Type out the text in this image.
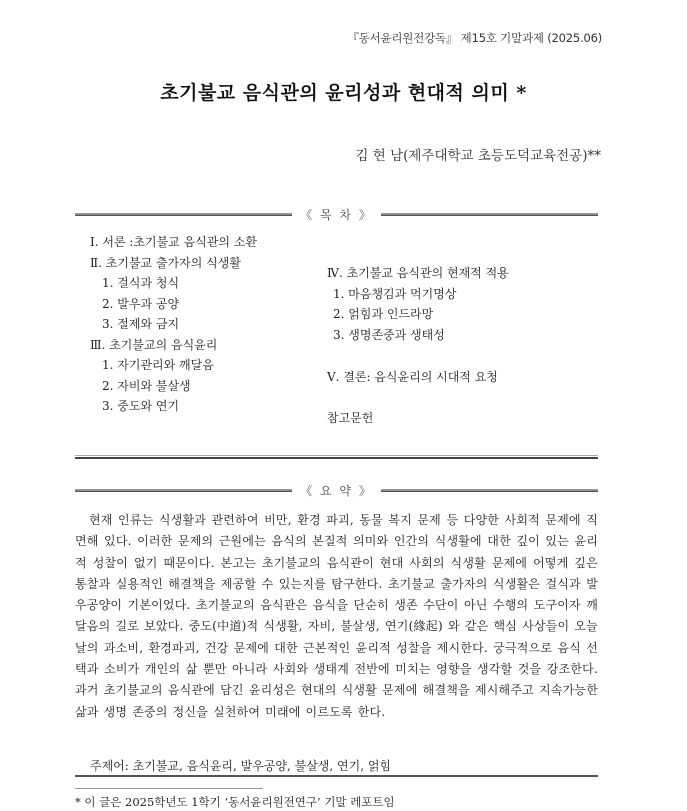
『동서윤리원전강독』 제15호 기말과제 (2025.06)
초기불교 음식관의 윤리성과 현대적 의미 *
김 현 남(제주대학교 초등도덕교육전공)**
《 목 차 》
Ⅰ. 서론 :초기불교 음식관의 소환
Ⅱ. 초기불교 출가자의 식생활
1. 걸식과 청식
2. 발우과 공양
3. 절제와 금지
Ⅲ. 초기불교의 음식윤리
1. 자기관리와 깨달음
2. 자비와 불살생
3. 중도와 연기
Ⅳ. 초기불교 음식관의 현재적 적용
1. 마음챙김과 먹기명상
2. 얽힘과 인드라망
3. 생명존중과 생태성
Ⅴ. 결론: 음식윤리의 시대적 요청
참고문헌
《 요 약 》
현재 인류는 식생활과 관련하여 비만, 환경 파괴, 동물 복지 문제 등 다양한 사회적 문제에 직면해 있다. 이러한 문제의 근원에는 음식의 본질적 의미와 인간의 식생활에 대한 깊이 있는 윤리적 성찰이 없기 때문이다. 본고는 초기불교의 음식관이 현대 사회의 식생활 문제에 어떻게 깊은 통찰과 실용적인 해결책을 제공할 수 있는지를 탐구한다. 초기불교 출가자의 식생활은 걸식과 발우공양이 기본이었다. 초기불교의 음식관은 음식을 단순히 생존 수단이 아닌 수행의 도구이자 깨달음의 길로 보았다. 중도(中道)적 식생활, 자비, 불살생, 연기(緣起) 와 같은 핵심 사상들이 오늘날의 과소비, 환경파괴, 건강 문제에 대한 근본적인 윤리적 성찰을 제시한다. 궁극적으로 음식 선택과 소비가 개인의 삶 뿐만 아니라 사회와 생태계 전반에 미치는 영향을 생각할 것을 강조한다. 과거 초기불교의 음식관에 담긴 윤리성은 현대의 식생활 문제에 해결책을 제시해주고 지속가능한 삶과 생명 존중의 정신을 실천하여 미래에 이르도록 한다.
주제어: 초기불교, 음식윤리, 발우공양, 불살생, 연기, 얽힘
* 이 글은 2025학년도 1학기 ‘동서윤리원전연구’ 기말 레포트임
